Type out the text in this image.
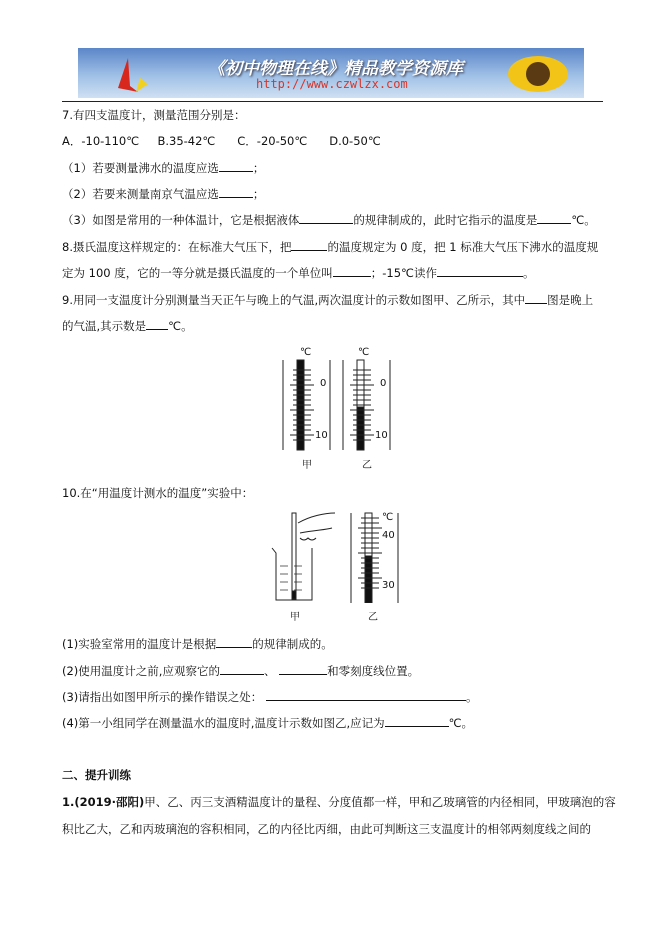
《初中物理在线》精品教学资源库
http://www.czwlzx.com
7.有四支温度计，测量范围分别是：
A．-10-110℃ B.35-42℃ C．-20-50℃ D.0-50℃
（1）若要测量沸水的温度应选	；
（2）若要来测量南京气温应选	；
（3）如图是常用的一种体温计，它是根据液体	的规律制成的，此时它指示的温度是	℃。
8.摄氏温度这样规定的：在标准大气压下，把	的温度规定为 0 度，把 1 标准大气压下沸水的温度规
定为 100 度，它的一等分就是摄氏温度的一个单位叫	；-15℃读作	。
9.用同一支温度计分别测量当天正午与晚上的气温,两次温度计的示数如图甲、乙所示，其中 图是晚上
的气温,其示数是 ℃。
℃
0
10
℃
0
10
甲	乙
10.在“用温度计测水的温度”实验中：
℃
40
30
甲	乙
(1)实验室常用的温度计是根据	的规律制成的。
(2)使用温度计之前,应观察它的	、	和零刻度线位置。
(3)请指出如图甲所示的操作错误之处：	。
(4)第一小组同学在测量温水的温度时,温度计示数如图乙,应记为	℃。
二、提升训练
1.(2019·邵阳)甲、乙、丙三支酒精温度计的量程、分度值都一样，甲和乙玻璃管的内径相同，甲玻璃泡的容
积比乙大，乙和丙玻璃泡的容积相同，乙的内径比丙细，由此可判断这三支温度计的相邻两刻度线之间的
